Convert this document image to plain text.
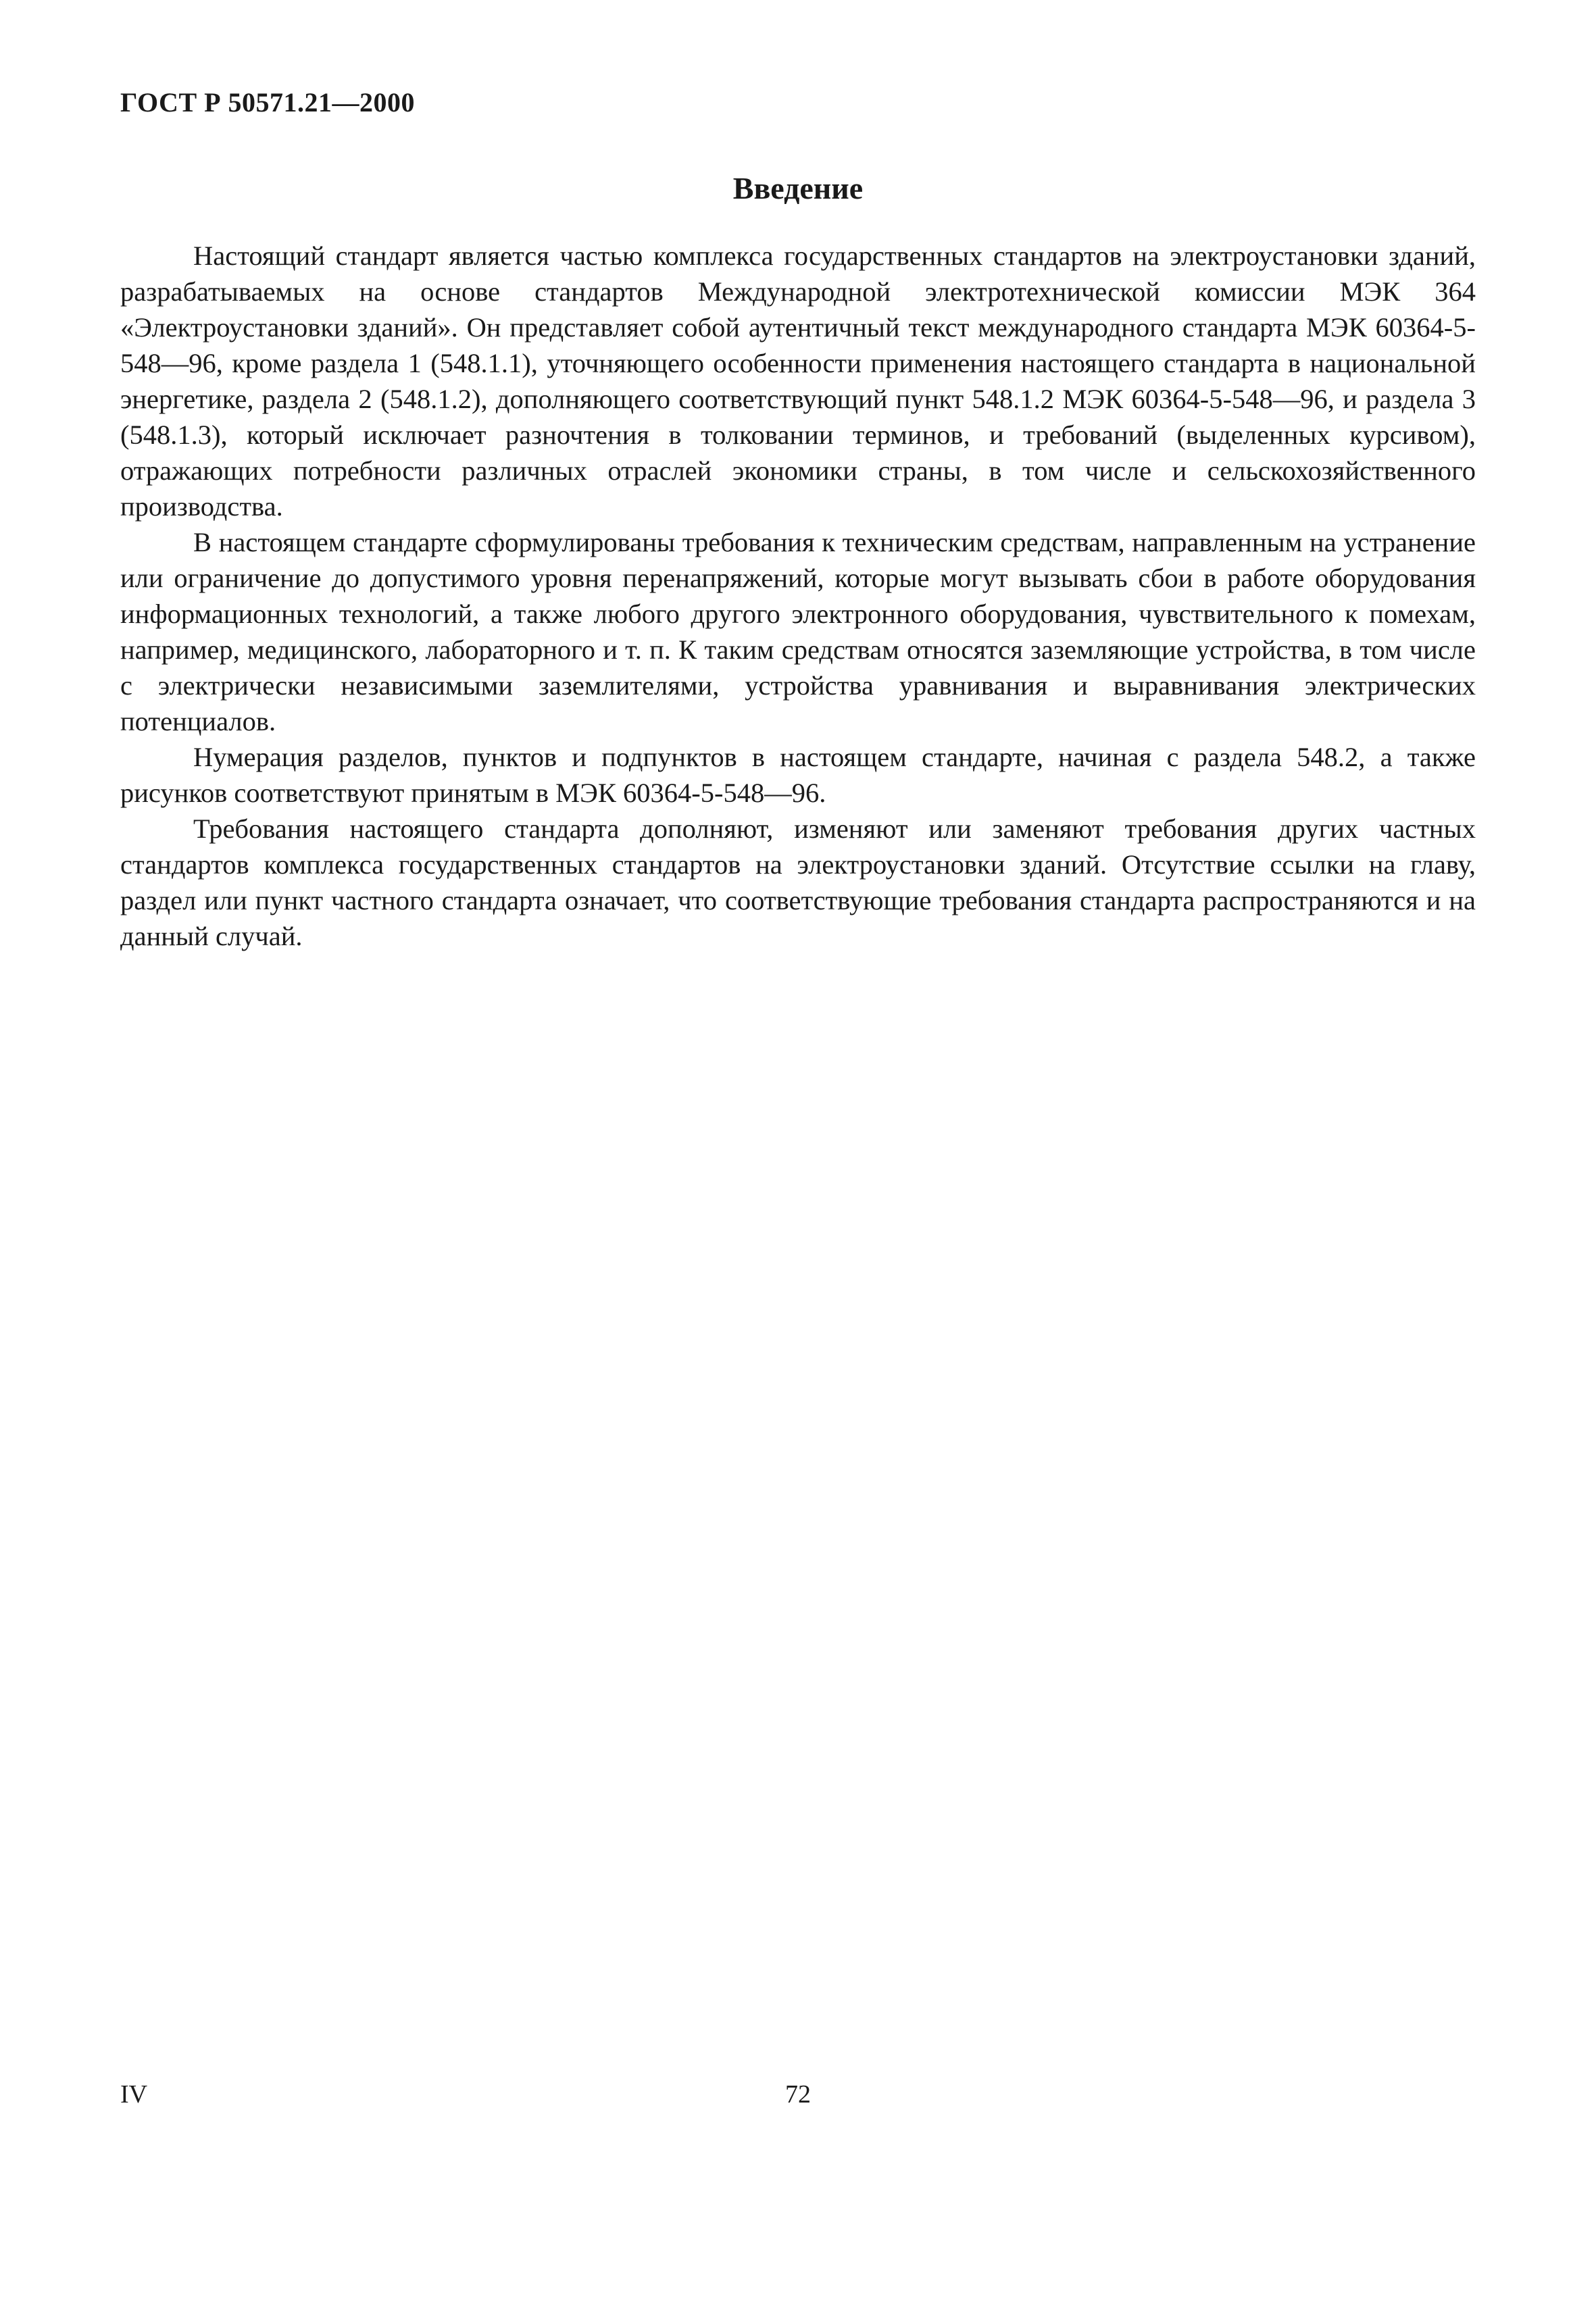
ГОСТ Р 50571.21—2000
Введение

Настоящий стандарт является частью комплекса государственных стандартов на электроустановки зданий, разрабатываемых на основе стандартов Международной электротехнической комиссии МЭК 364 «Электроустановки зданий». Он представляет собой аутентичный текст международного стандарта МЭК 60364-5-548—96, кроме раздела 1 (548.1.1), уточняющего особенности применения настоящего стандарта в национальной энергетике, раздела 2 (548.1.2), дополняющего соответствующий пункт 548.1.2 МЭК 60364-5-548—96, и раздела 3 (548.1.3), который исключает разночтения в толковании терминов, и требований (выделенных курсивом), отражающих потребности различных отраслей экономики страны, в том числе и сельскохозяйственного производства.

В настоящем стандарте сформулированы требования к техническим средствам, направленным на устранение или ограничение до допустимого уровня перенапряжений, которые могут вызывать сбои в работе оборудования информационных технологий, а также любого другого электронного оборудования, чувствительного к помехам, например, медицинского, лабораторного и т. п. К таким средствам относятся заземляющие устройства, в том числе с электрически независимыми заземлителями, устройства уравнивания и выравнивания электрических потенциалов.

Нумерация разделов, пунктов и подпунктов в настоящем стандарте, начиная с раздела 548.2, а также рисунков соответствуют принятым в МЭК 60364-5-548—96.

Требования настоящего стандарта дополняют, изменяют или заменяют требования других частных стандартов комплекса государственных стандартов на электроустановки зданий. Отсутствие ссылки на главу, раздел или пункт частного стандарта означает, что соответствующие требования стандарта распространяются и на данный случай.

IV	72
